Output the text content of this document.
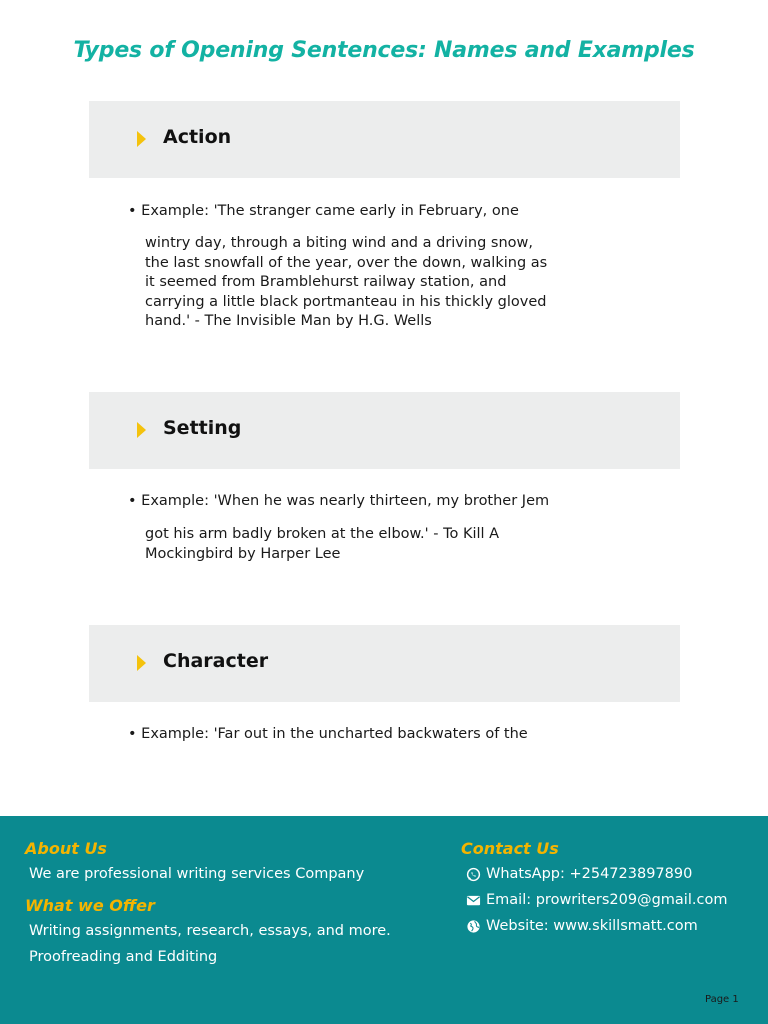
Types of Opening Sentences: Names and Examples
Action
• Example: 'The stranger came early in February, one
wintry day, through a biting wind and a driving snow, the last snowfall of the year, over the down, walking as it seemed from Bramblehurst railway station, and carrying a little black portmanteau in his thickly gloved hand.' - The Invisible Man by H.G. Wells
Setting
• Example: 'When he was nearly thirteen, my brother Jem
got his arm badly broken at the elbow.' - To Kill A Mockingbird by Harper Lee
Character
• Example: 'Far out in the uncharted backwaters of the
About Us
We are professional writing services Company
What we Offer
Writing assignments, research, essays, and more.
Proofreading and Edditing
Contact Us
WhatsApp: +254723897890
Email: prowriters209@gmail.com
Website: www.skillsmatt.com
Page 1
